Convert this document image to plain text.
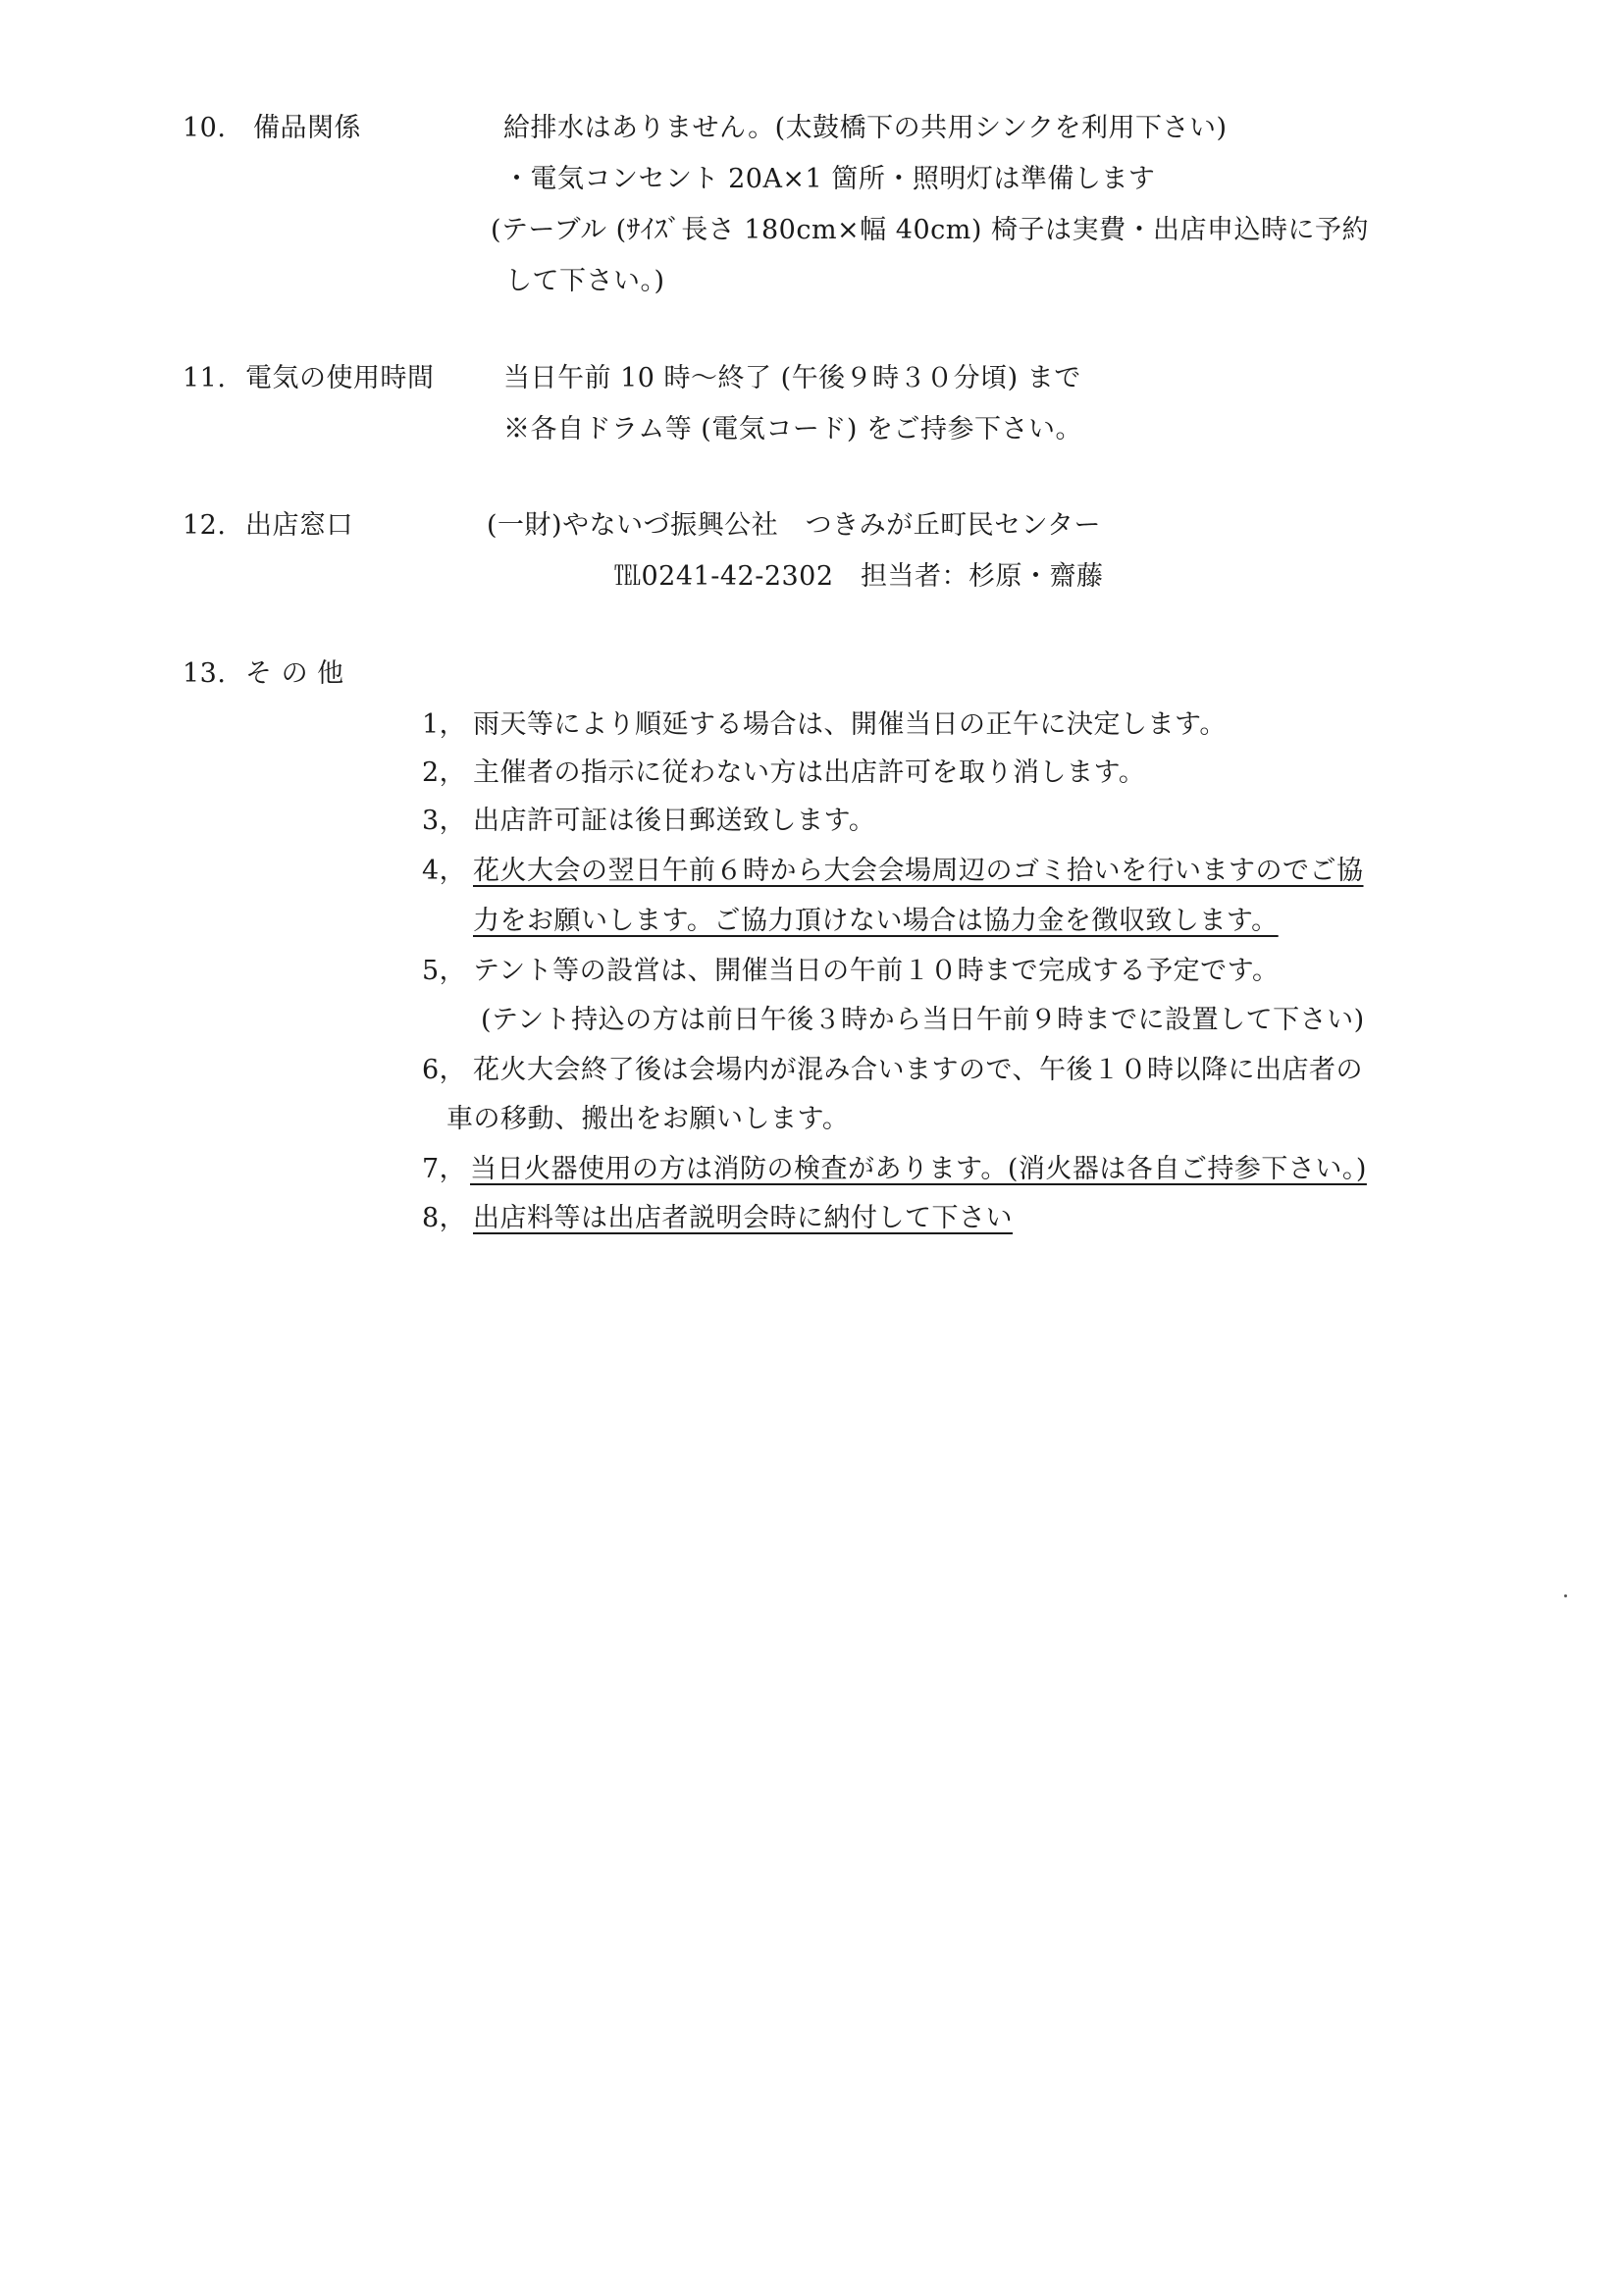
10. 備品関係	給排水はありません。(太鼓橋下の共用シンクを利用下さい)
・電気コンセント 20A×1 箇所・照明灯は準備します
(テーブル (ｻｲｽﾞ長さ 180cm×幅 40cm) 椅子は実費・出店申込時に予約
して下さい。)
11. 電気の使用時間	当日午前 10 時～終了 (午後９時３０分頃) まで
※各自ドラム等 (電気コード) をご持参下さい。
12. 出店窓口	(一財)やないづ振興公社　つきみが丘町民センター
℡0241-42-2302　担当者：杉原・齋藤
13. そ の 他
1， 雨天等により順延する場合は、開催当日の正午に決定します。
2， 主催者の指示に従わない方は出店許可を取り消します。
3， 出店許可証は後日郵送致します。
4， 花火大会の翌日午前６時から大会会場周辺のゴミ拾いを行いますのでご協
力をお願いします。ご協力頂けない場合は協力金を徴収致します。
5， テント等の設営は、開催当日の午前１０時まで完成する予定です。
(テント持込の方は前日午後３時から当日午前９時までに設置して下さい)
6， 花火大会終了後は会場内が混み合いますので、午後１０時以降に出店者の
車の移動、搬出をお願いします。
7， 当日火器使用の方は消防の検査があります。(消火器は各自ご持参下さい。)
8， 出店料等は出店者説明会時に納付して下さい
